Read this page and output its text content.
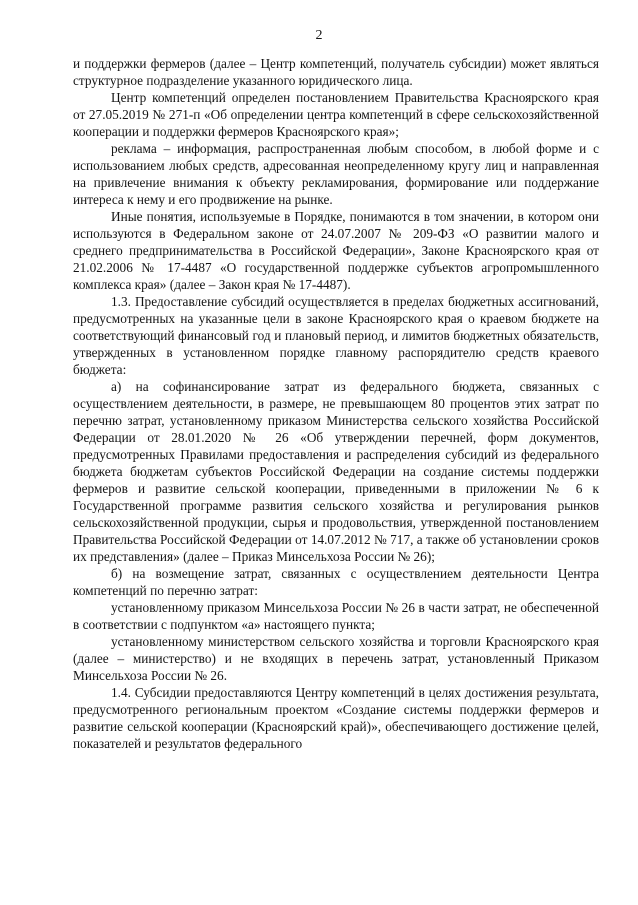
2

и поддержки фермеров (далее – Центр компетенций, получатель субсидии) может являться структурное подразделение указанного юридического лица.

Центр компетенций определен постановлением Правительства Красноярского края от 27.05.2019 № 271-п «Об определении центра компетенций в сфере сельскохозяйственной кооперации и поддержки фермеров Красноярского края»;

реклама – информация, распространенная любым способом, в любой форме и с использованием любых средств, адресованная неопределенному кругу лиц и направленная на привлечение внимания к объекту рекламирования, формирование или поддержание интереса к нему и его продвижение на рынке.

Иные понятия, используемые в Порядке, понимаются в том значении, в котором они используются в Федеральном законе от 24.07.2007 № 209-ФЗ «О развитии малого и среднего предпринимательства в Российской Федерации», Законе Красноярского края от 21.02.2006 № 17-4487 «О государственной поддержке субъектов агропромышленного комплекса края» (далее – Закон края № 17-4487).

1.3. Предоставление субсидий осуществляется в пределах бюджетных ассигнований, предусмотренных на указанные цели в законе Красноярского края о краевом бюджете на соответствующий финансовый год и плановый период, и лимитов бюджетных обязательств, утвержденных в установленном порядке главному распорядителю средств краевого бюджета:

а) на софинансирование затрат из федерального бюджета, связанных с осуществлением деятельности, в размере, не превышающем 80 процентов этих затрат по перечню затрат, установленному приказом Министерства сельского хозяйства Российской Федерации от 28.01.2020 № 26 «Об утверждении перечней, форм документов, предусмотренных Правилами предоставления и распределения субсидий из федерального бюджета бюджетам субъектов Российской Федерации на создание системы поддержки фермеров и развитие сельской кооперации, приведенными в приложении № 6 к Государственной программе развития сельского хозяйства и регулирования рынков сельскохозяйственной продукции, сырья и продовольствия, утвержденной постановлением Правительства Российской Федерации от 14.07.2012 № 717, а также об установлении сроков их представления» (далее – Приказ Минсельхоза России № 26);

б) на возмещение затрат, связанных с осуществлением деятельности Центра компетенций по перечню затрат:

установленному приказом Минсельхоза России № 26 в части затрат, не обеспеченной в соответствии с подпунктом «а» настоящего пункта;

установленному министерством сельского хозяйства и торговли Красноярского края (далее – министерство) и не входящих в перечень затрат, установленный Приказом Минсельхоза России № 26.

1.4. Субсидии предоставляются Центру компетенций в целях достижения результата, предусмотренного региональным проектом «Создание системы поддержки фермеров и развитие сельской кооперации (Красноярский край)», обеспечивающего достижение целей, показателей и результатов федерального
